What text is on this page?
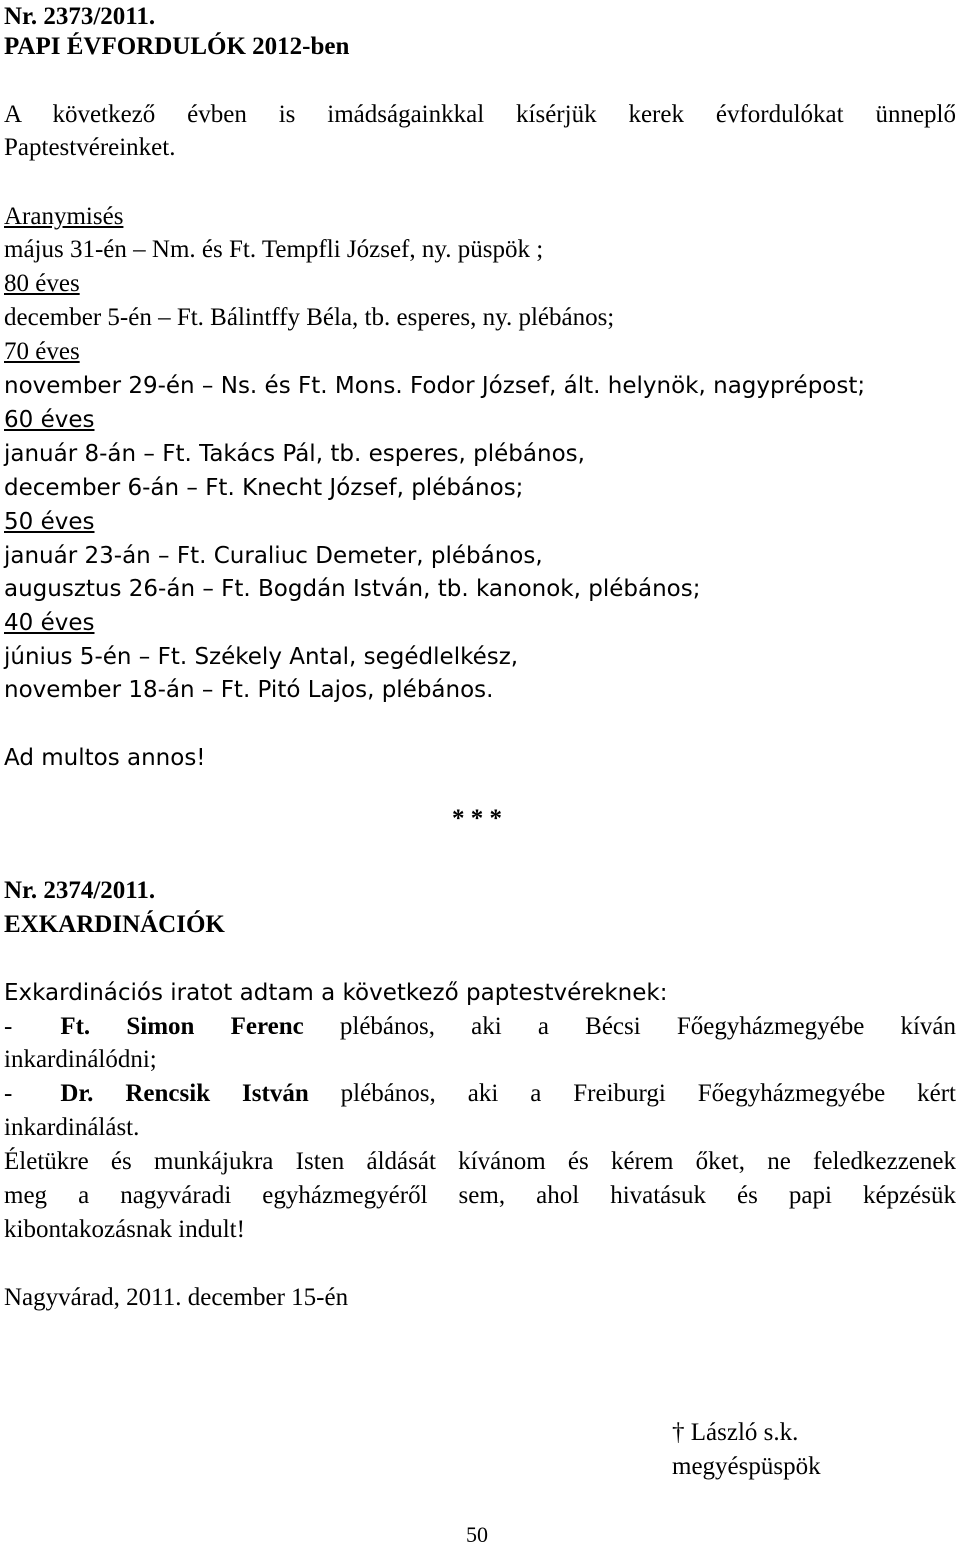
Nr. 2373/2011.
PAPI ÉVFORDULÓK 2012-ben
A következő évben is imádságainkkal kísérjük kerek évfordulókat ünneplő
Paptestvéreinket.
Aranymisés
május 31-én – Nm. és Ft. Tempfli József, ny. püspök ;
80 éves
december 5-én – Ft. Bálintffy Béla, tb. esperes, ny. plébános;
70 éves
november 29-én – Ns. és Ft. Mons. Fodor József, ált. helynök, nagyprépost;
60 éves
január 8-án – Ft. Takács Pál, tb. esperes, plébános,
december 6-án – Ft. Knecht József, plébános;
50 éves
január 23-án – Ft. Curaliuc Demeter, plébános,
augusztus 26-án – Ft. Bogdán István, tb. kanonok, plébános;
40 éves
június 5-én – Ft. Székely Antal, segédlelkész,
november 18-án – Ft. Pitó Lajos, plébános.
Ad multos annos!
* * *
Nr. 2374/2011.
EXKARDINÁCIÓK
Exkardinációs iratot adtam a következő paptestvéreknek:
- Ft. Simon Ferenc plébános, aki a Bécsi Főegyházmegyébe kíván
inkardinálódni;
- Dr. Rencsik István plébános, aki a Freiburgi Főegyházmegyébe kért
inkardinálást.
Életükre és munkájukra Isten áldását kívánom és kérem őket, ne feledkezzenek
meg a nagyváradi egyházmegyéről sem, ahol hivatásuk és papi képzésük
kibontakozásnak indult!
Nagyvárad, 2011. december 15-én
† László s.k.
megyéspüspök
50
